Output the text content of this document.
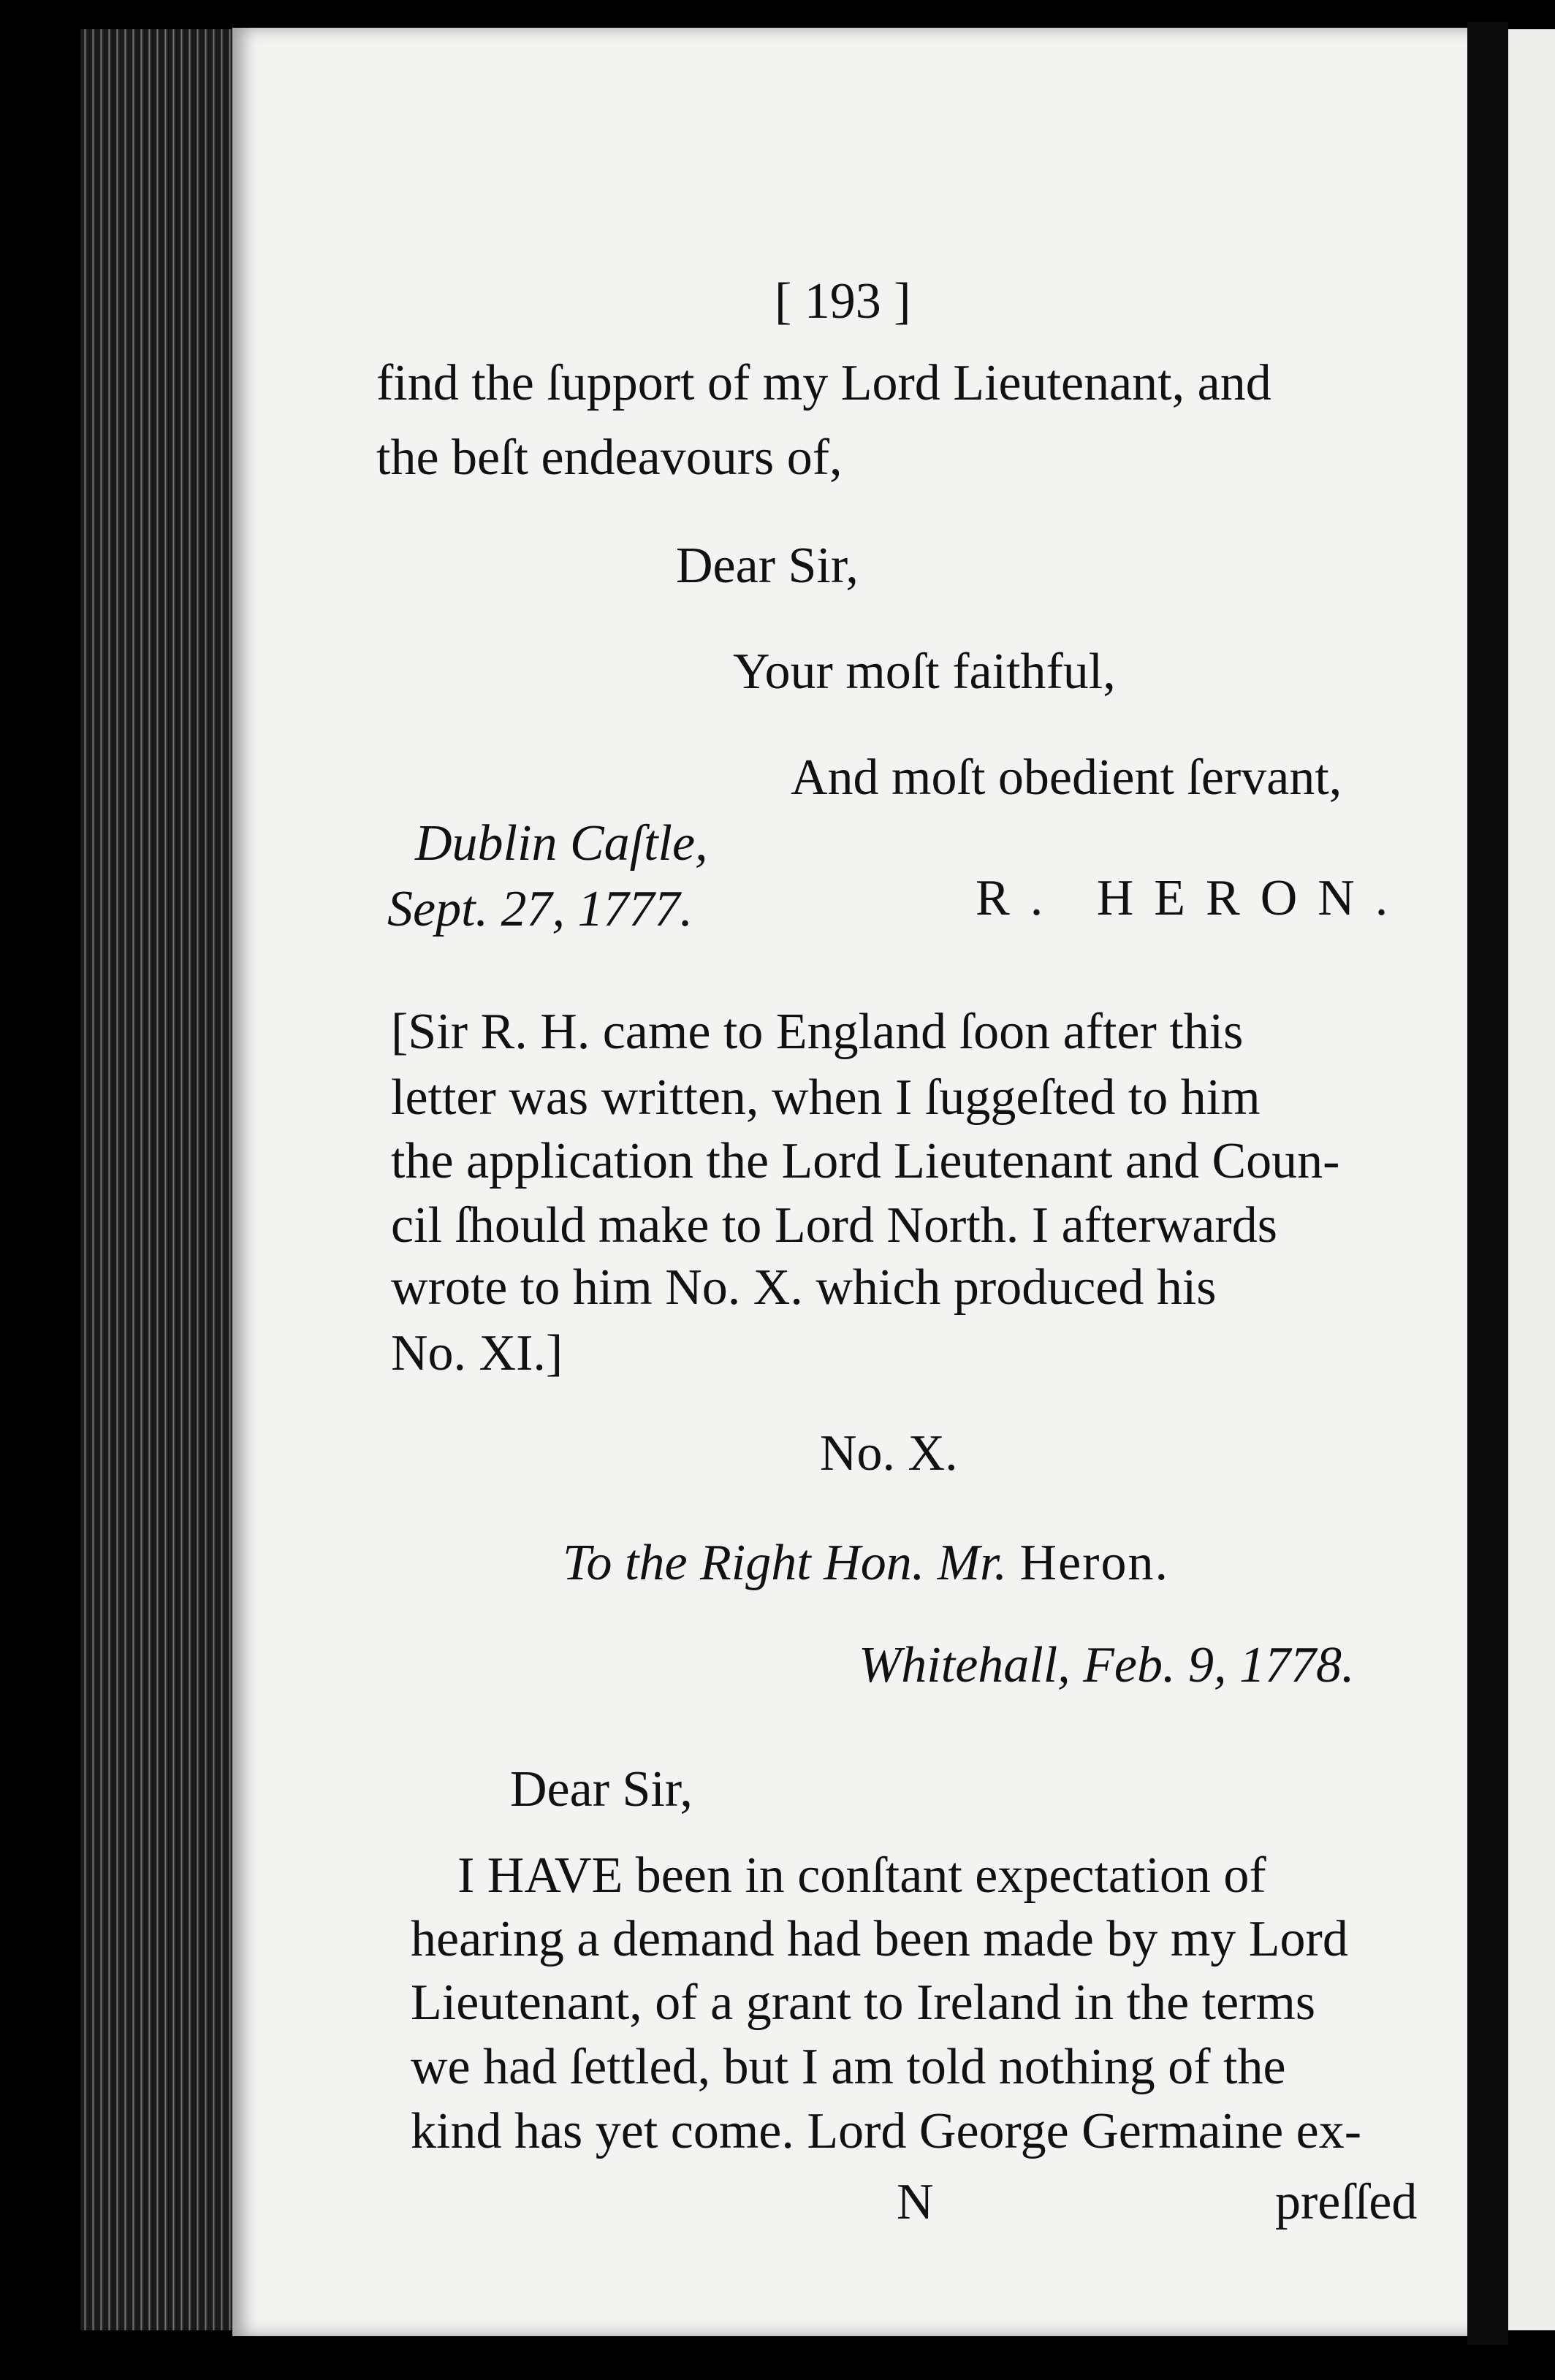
[ 193 ]
find the ſupport of my Lord Lieutenant, and
the beſt endeavours of,
Dear Sir,
Your moſt faithful,
And moſt obedient ſervant,
Dublin Caſtle,
Sept. 27, 1777.	R. HERON.
[Sir R. H. came to England ſoon after this
letter was written, when I ſuggeſted to him
the application the Lord Lieutenant and Coun-
cil ſhould make to Lord North. I afterwards
wrote to him No. X. which produced his
No. XI.]
No. X.
To the Right Hon. Mr. Heron.
Whitehall, Feb. 9, 1778.
Dear Sir,
I HAVE been in conſtant expectation of
hearing a demand had been made by my Lord
Lieutenant, of a grant to Ireland in the terms
we had ſettled, but I am told nothing of the
kind has yet come. Lord George Germaine ex-
N	preſſed
